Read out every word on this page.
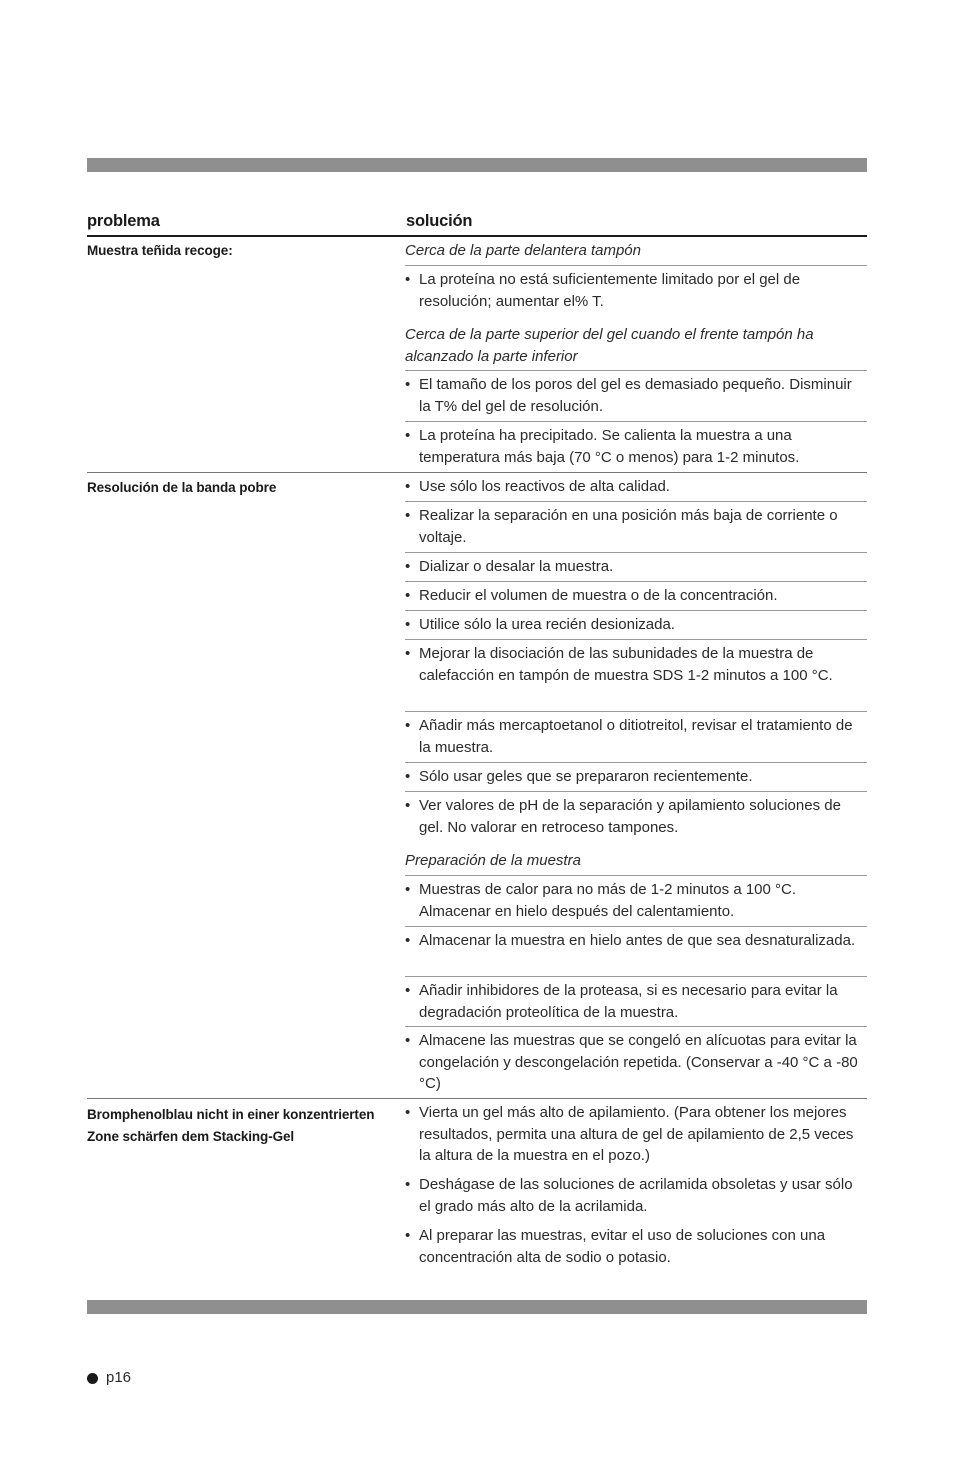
problema	solución
Muestra teñida recoge:	Cerca de la parte delantera tampón
• La proteína no está suficientemente limitado por el gel de resolución; aumentar el% T.
Cerca de la parte superior del gel cuando el frente tampón ha alcanzado la parte inferior
• El tamaño de los poros del gel es demasiado pequeño. Disminuir la T% del gel de resolución.
• La proteína ha precipitado. Se calienta la muestra a una temperatura más baja (70 °C o menos) para 1-2 minutos.
Resolución de la banda pobre
•	Use sólo los reactivos de alta calidad.
• Realizar la separación en una posición más baja de corriente o voltaje.
• Dializar o desalar la muestra.
• Reducir el volumen de muestra o de la concentración.
• Utilice sólo la urea recién desionizada.
• Mejorar la disociación de las subunidades de la muestra de calefacción en tampón de muestra SDS 1-2 minutos a 100 °C.
• Añadir más mercaptoetanol o ditiotreitol, revisar el tratamiento de la muestra.
• Sólo usar geles que se prepararon recientemente.
• Ver valores de pH de la separación y apilamiento soluciones de gel. No valorar en retroceso tampones.
Preparación de la muestra
• Muestras de calor para no más de 1-2 minutos a 100 °C. Almacenar en hielo después del calentamiento.
• Almacenar la muestra en hielo antes de que sea desnaturalizada.
• Añadir inhibidores de la proteasa, si es necesario para evitar la degradación proteolítica de la muestra.
• Almacene las muestras que se congeló en alícuotas para evitar la congelación y descongelación repetida. (Conservar a -40 °C a -80 °C)
Bromphenolblau nicht in einer konzentrierten Zone schärfen dem Stacking-Gel
• Vierta un gel más alto de apilamiento. (Para obtener los mejores resultados, permita una altura de gel de apilamiento de 2,5 veces la altura de la muestra en el pozo.)
• Deshágase de las soluciones de acrilamida obsoletas y usar sólo el grado más alto de la acrilamida.
• Al preparar las muestras, evitar el uso de soluciones con una concentración alta de sodio o potasio.
p16
